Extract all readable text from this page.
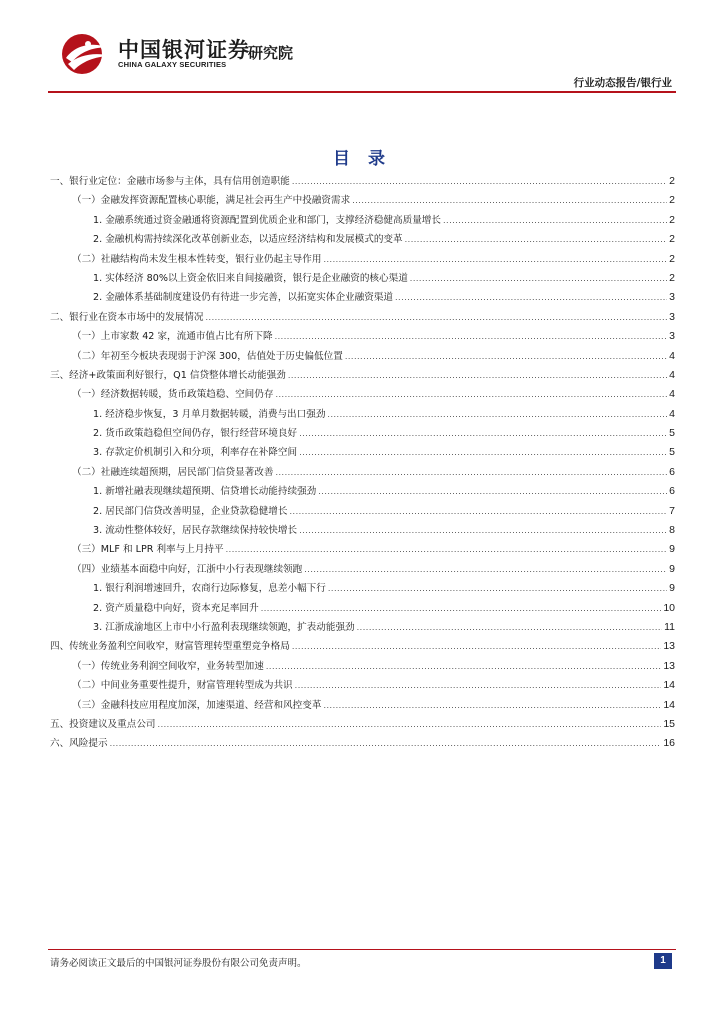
中国银河证券
CHINA GALAXY SECURITIES
研究院
行业动态报告/银行业
目 录
一、银行业定位：金融市场参与主体，具有信用创造职能 .....	2
（一）金融发挥资源配置核心职能，满足社会再生产中投融资需求 .....	2
1. 金融系统通过资金融通将资源配置到优质企业和部门，支撑经济稳健高质量增长 .....	2
2. 金融机构需持续深化改革创新业态，以适应经济结构和发展模式的变革 .....	2
（二）社融结构尚未发生根本性转变，银行业仍起主导作用 .....	2
1. 实体经济 80%以上资金依旧来自间接融资，银行是企业融资的核心渠道 .....	2
2. 金融体系基础制度建设仍有待进一步完善，以拓宽实体企业融资渠道 .....	3
二、银行业在资本市场中的发展情况 .....	3
（一）上市家数 42 家，流通市值占比有所下降 .....	3
（二）年初至今板块表现弱于沪深 300，估值处于历史偏低位置 .....	4
三、经济+政策面利好银行，Q1 信贷整体增长动能强劲 .....	4
（一）经济数据转暖，货币政策趋稳、空间仍存 .....	4
1. 经济稳步恢复，3 月单月数据转暖，消费与出口强劲 .....	4
2. 货币政策趋稳但空间仍存，银行经营环境良好 .....	5
3. 存款定价机制引入和分项，利率存在补降空间 .....	5
（二）社融连续超预期，居民部门信贷显著改善 .....	6
1. 新增社融表现继续超预期、信贷增长动能持续强劲 .....	6
2. 居民部门信贷改善明显，企业贷款稳健增长 .....	7
3. 流动性整体较好，居民存款继续保持较快增长 .....	8
（三）MLF 和 LPR 利率与上月持平 .....	9
（四）业绩基本面稳中向好，江浙中小行表现继续领跑 .....	9
1. 银行利润增速回升，农商行边际修复，息差小幅下行 .....	9
2. 资产质量稳中向好，资本充足率回升 .....	10
3. 江浙成渝地区上市中小行盈利表现继续领跑，扩表动能强劲 .....	11
四、传统业务盈利空间收窄，财富管理转型重塑竞争格局 .....	13
（一）传统业务利润空间收窄，业务转型加速 .....	13
（二）中间业务重要性提升，财富管理转型成为共识 .....	14
（三）金融科技应用程度加深，加速渠道、经营和风控变革 .....	14
五、投资建议及重点公司 .....	15
六、风险提示 .....	16
请务必阅读正文最后的中国银河证券股份有限公司免责声明。	1
